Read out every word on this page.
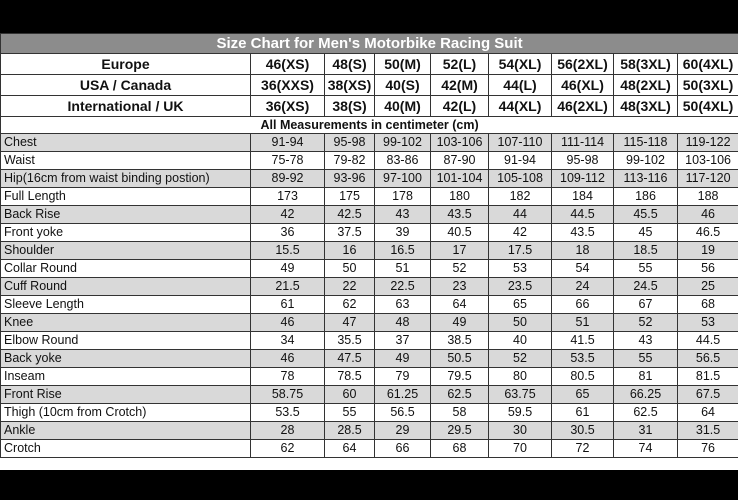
Size Chart for Men's Motorbike Racing Suit								
Europe	46(XS)	48(S)	50(M)	52(L)	54(XL)	56(2XL)	58(3XL)	60(4XL)
USA / Canada	36(XXS)	38(XS)	40(S)	42(M)	44(L)	46(XL)	48(2XL)	50(3XL)
International / UK	36(XS)	38(S)	40(M)	42(L)	44(XL)	46(2XL)	48(3XL)	50(4XL)
All Measurements in centimeter (cm)								
Chest	91-94	95-98	99-102	103-106	107-110	111-114	115-118	119-122
Waist	75-78	79-82	83-86	87-90	91-94	95-98	99-102	103-106
Hip(16cm from waist binding postion)	89-92	93-96	97-100	101-104	105-108	109-112	113-116	117-120
Full Length	173	175	178	180	182	184	186	188
Back Rise	42	42.5	43	43.5	44	44.5	45.5	46
Front yoke	36	37.5	39	40.5	42	43.5	45	46.5
Shoulder	15.5	16	16.5	17	17.5	18	18.5	19
Collar Round	49	50	51	52	53	54	55	56
Cuff Round	21.5	22	22.5	23	23.5	24	24.5	25
Sleeve Length	61	62	63	64	65	66	67	68
Knee	46	47	48	49	50	51	52	53
Elbow Round	34	35.5	37	38.5	40	41.5	43	44.5
Back yoke	46	47.5	49	50.5	52	53.5	55	56.5
Inseam	78	78.5	79	79.5	80	80.5	81	81.5
Front Rise	58.75	60	61.25	62.5	63.75	65	66.25	67.5
Thigh (10cm from Crotch)	53.5	55	56.5	58	59.5	61	62.5	64
Ankle	28	28.5	29	29.5	30	30.5	31	31.5
Crotch	62	64	66	68	70	72	74	76
